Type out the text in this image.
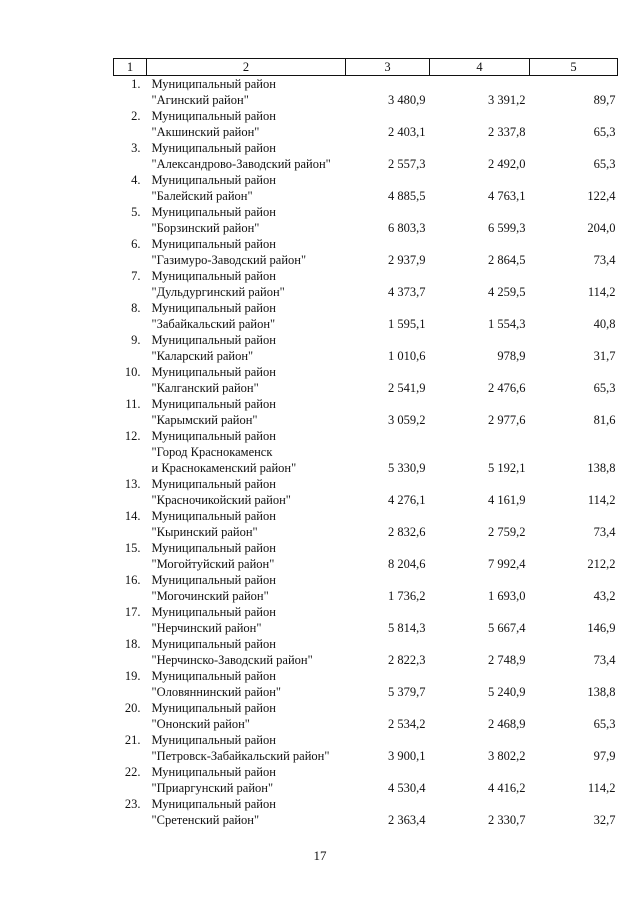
1	2	3	4	5
1.	Муниципальный район
"Агинский район"	3 480,9	3 391,2	89,7
2.	Муниципальный район
"Акшинский район"	2 403,1	2 337,8	65,3
3.	Муниципальный район
"Александрово-Заводский район"	2 557,3	2 492,0	65,3
4.	Муниципальный район
"Балейский район"	4 885,5	4 763,1	122,4
5.	Муниципальный район
"Борзинский район"	6 803,3	6 599,3	204,0
6.	Муниципальный район
"Газимуро-Заводский район"	2 937,9	2 864,5	73,4
7.	Муниципальный район
"Дульдургинский район"	4 373,7	4 259,5	114,2
8.	Муниципальный район
"Забайкальский район"	1 595,1	1 554,3	40,8
9.	Муниципальный район
"Каларский район"	1 010,6	978,9	31,7
10.	Муниципальный район
"Калганский район"	2 541,9	2 476,6	65,3
11.	Муниципальный район
"Карымский район"	3 059,2	2 977,6	81,6
12.	Муниципальный район
"Город Краснокаменск
и Краснокаменский район"	5 330,9	5 192,1	138,8
13.	Муниципальный район
"Красночикойский район"	4 276,1	4 161,9	114,2
14.	Муниципальный район
"Кыринский район"	2 832,6	2 759,2	73,4
15.	Муниципальный район
"Могойтуйский район"	8 204,6	7 992,4	212,2
16.	Муниципальный район
"Могочинский район"	1 736,2	1 693,0	43,2
17.	Муниципальный район
"Нерчинский район"	5 814,3	5 667,4	146,9
18.	Муниципальный район
"Нерчинско-Заводский район"	2 822,3	2 748,9	73,4
19.	Муниципальный район
"Оловяннинский район"	5 379,7	5 240,9	138,8
20.	Муниципальный район
"Ононский район"	2 534,2	2 468,9	65,3
21.	Муниципальный район
"Петровск-Забайкальский район"	3 900,1	3 802,2	97,9
22.	Муниципальный район
"Приаргунский район"	4 530,4	4 416,2	114,2
23.	Муниципальный район
"Сретенский район"	2 363,4	2 330,7	32,7
17
